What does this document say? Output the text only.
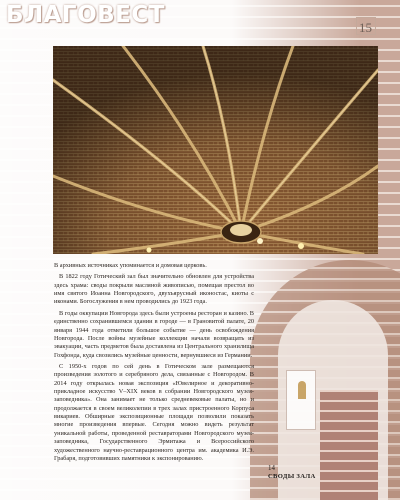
БЛАГОВЕСТ	15

В архивных источниках упоминается и домовая церковь.

В 1822 году Готический зал был значительно обновлен для устройства здесь храма: своды покрыли масляной живописью, помещая престол во имя святого Иоанна Новгородского, двухъярусный иконостас, киоты с иконами. Богослужения в нем проводились до 1923 года.

В годы оккупации Новгорода здесь были устроены ресторан и казино. В единственно сохранившемся здании в городе — в Грановитой палате, 20 января 1944 года отметили большое событие — день освобождения Новгорода. После войны музейные коллекции начали возвращать из эвакуации, часть предметов была доставлена из Центрального хранилища Гохфонда, куда свозились музейные ценности, вернувшиеся из Германии.

С 1950-х годов по сей день в Готическом зале размещаются произведения золотого и серебряного дела, связанные с Новгородом. В 2014 году открылась новая экспозиция «Ювелирное и декоративно-прикладное искусство V–XIX веков в собрании Новгородского музея-заповедника». Она занимает не только средневековые палаты, но и продолжается в своем великолепии в трех залах пристроенного Корпуса викариев. Обширные экспозиционные площади позволили показать многие произведения впервые. Сегодня можно видеть результат уникальной работы, проведенной реставраторами Новгородского музея-заповедника, Государственного Эрмитажа и Всероссийского художественного научно-реставрационного центра им. академика И.Э. Грабаря, подготовивших памятники к экспонированию.

14
СВОДЫ ЗАЛА
